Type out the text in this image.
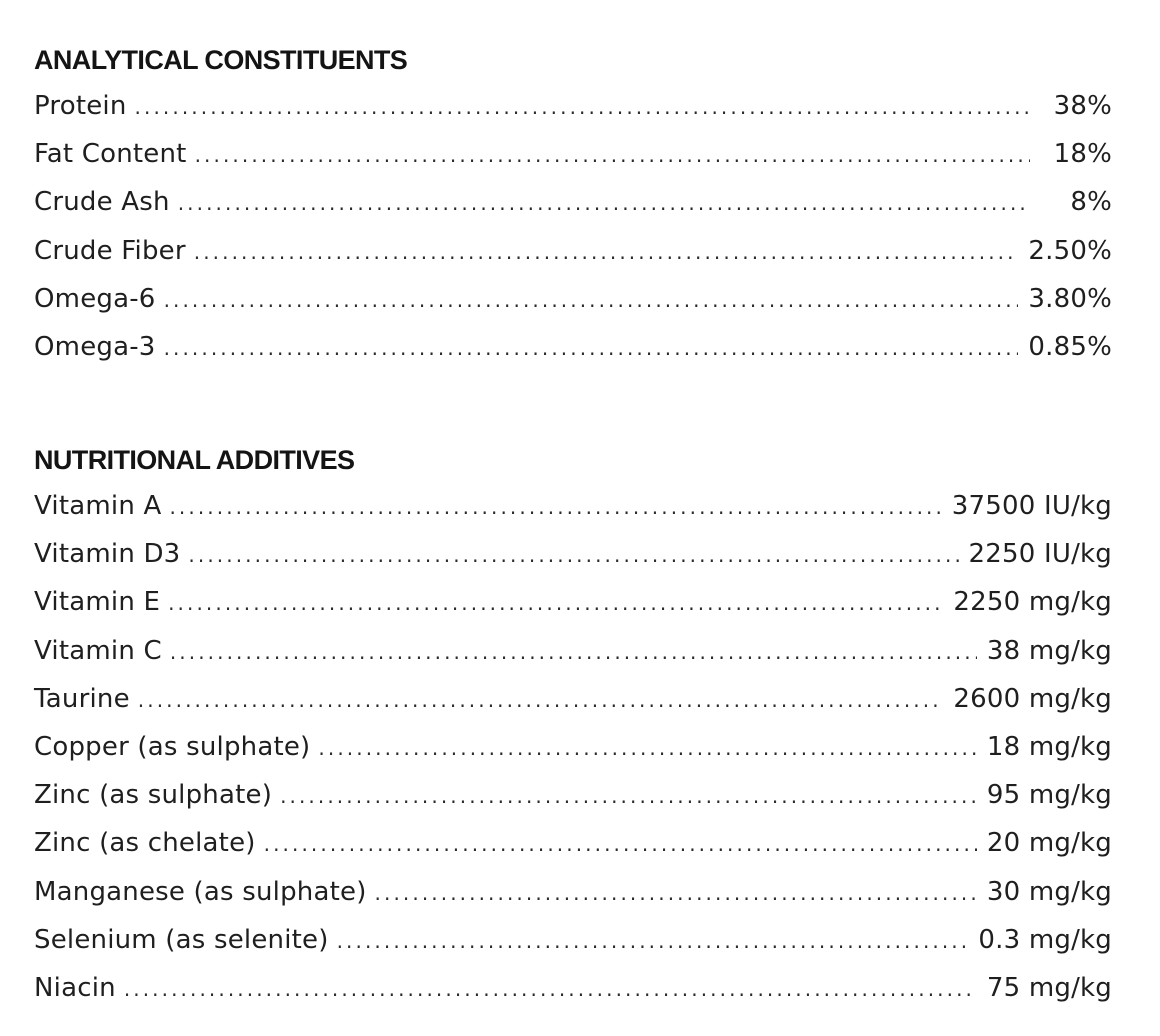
ANALYTICAL CONSTITUENTS
Protein .....	38%
Fat Content .....	18%
Crude Ash .....	8%
Crude Fiber .....	2.50%
Omega-6 .....	3.80%
Omega-3 .....	0.85%
NUTRITIONAL ADDITIVES
Vitamin A .....	37500 IU/kg
Vitamin D3 .....	2250 IU/kg
Vitamin E .....	2250 mg/kg
Vitamin C .....	38 mg/kg
Taurine .....	2600 mg/kg
Copper (as sulphate) .....	18 mg/kg
Zinc (as sulphate) .....	95 mg/kg
Zinc (as chelate) .....	20 mg/kg
Manganese (as sulphate) .....	30 mg/kg
Selenium (as selenite) .....	0.3 mg/kg
Niacin .....	75 mg/kg
